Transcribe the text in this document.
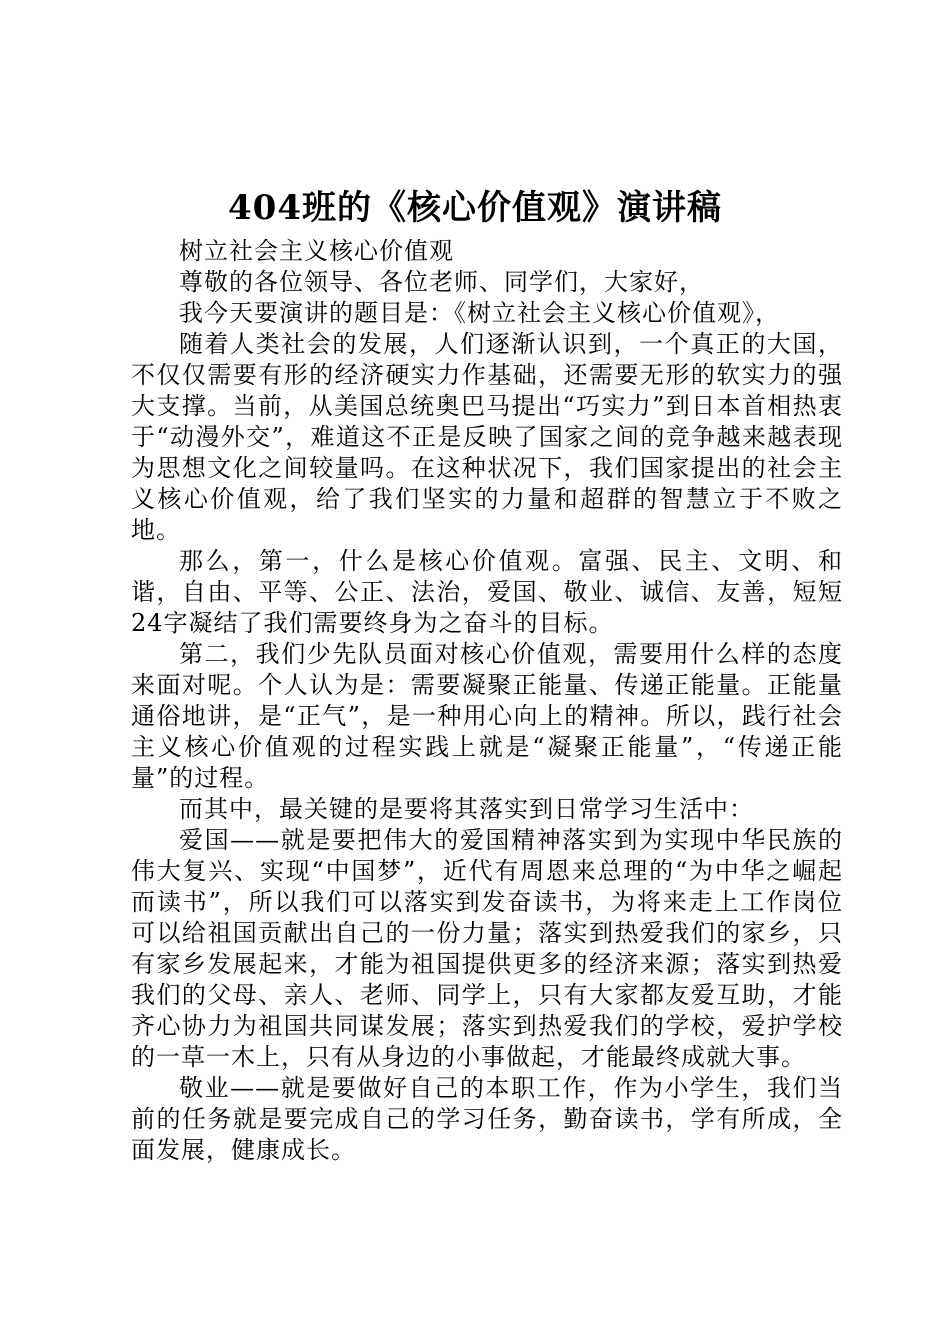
404班的《核心价值观》演讲稿

树立社会主义核心价值观

尊敬的各位领导、各位老师、同学们，大家好，

我今天要演讲的题目是：《树立社会主义核心价值观》，

随着人类社会的发展，人们逐渐认识到，一个真正的大国，不仅仅需要有形的经济硬实力作基础，还需要无形的软实力的强大支撑。当前，从美国总统奥巴马提出“巧实力”到日本首相热衷于“动漫外交”，难道这不正是反映了国家之间的竞争越来越表现为思想文化之间较量吗。在这种状况下，我们国家提出的社会主义核心价值观，给了我们坚实的力量和超群的智慧立于不败之地。

那么，第一，什么是核心价值观。富强、民主、文明、和谐，自由、平等、公正、法治，爱国、敬业、诚信、友善，短短24字凝结了我们需要终身为之奋斗的目标。

第二，我们少先队员面对核心价值观，需要用什么样的态度来面对呢。个人认为是：需要凝聚正能量、传递正能量。正能量通俗地讲，是“正气”，是一种用心向上的精神。所以，践行社会主义核心价值观的过程实践上就是“凝聚正能量”，“传递正能量”的过程。

而其中，最关键的是要将其落实到日常学习生活中：

爱国——就是要把伟大的爱国精神落实到为实现中华民族的伟大复兴、实现“中国梦”，近代有周恩来总理的“为中华之崛起而读书”，所以我们可以落实到发奋读书，为将来走上工作岗位可以给祖国贡献出自己的一份力量；落实到热爱我们的家乡，只有家乡发展起来，才能为祖国提供更多的经济来源；落实到热爱我们的父母、亲人、老师、同学上，只有大家都友爱互助，才能齐心协力为祖国共同谋发展；落实到热爱我们的学校，爱护学校的一草一木上，只有从身边的小事做起，才能最终成就大事。

敬业——就是要做好自己的本职工作，作为小学生，我们当前的任务就是要完成自己的学习任务，勤奋读书，学有所成，全面发展，健康成长。
